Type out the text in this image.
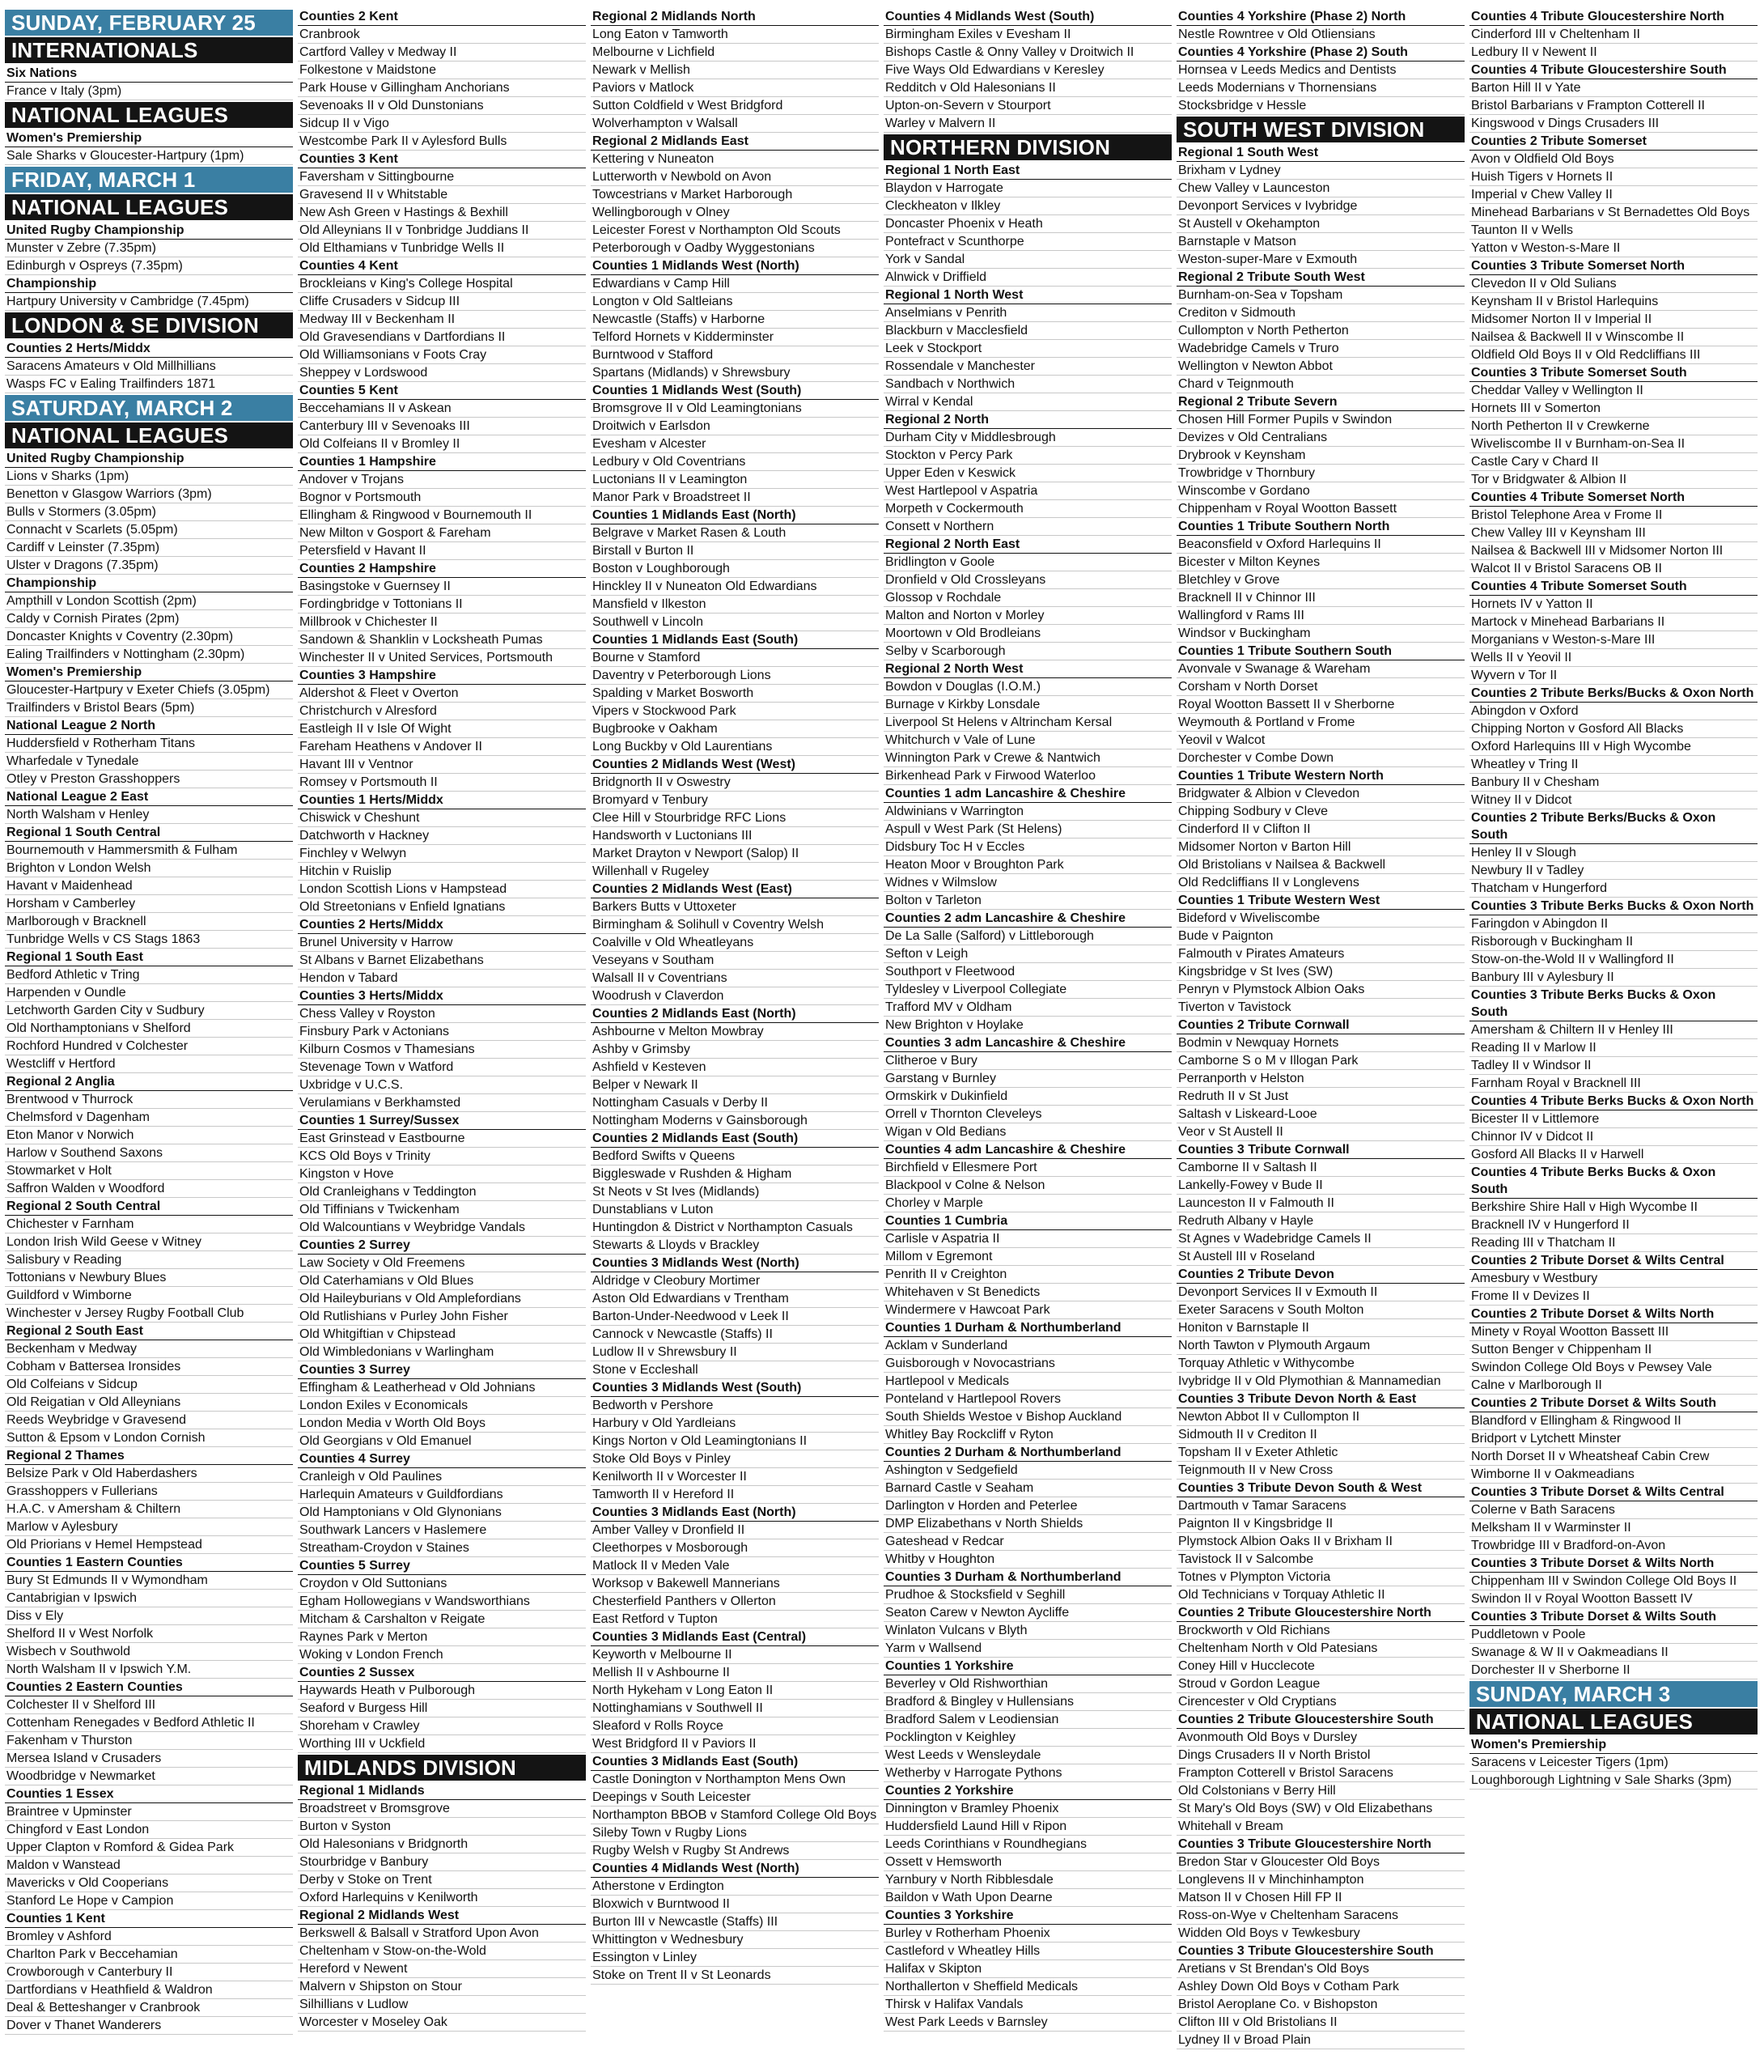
SUNDAY, FEBRUARY 25
INTERNATIONALS
Six Nations
France v Italy (3pm)
NATIONAL LEAGUES
Women's Premiership
Sale Sharks v Gloucester-Hartpury (1pm)
FRIDAY, MARCH 1
NATIONAL LEAGUES
United Rugby Championship
Munster v Zebre (7.35pm)
Edinburgh v Ospreys (7.35pm)
Championship
Hartpury University v Cambridge (7.45pm)
LONDON & SE DIVISION
Counties 2 Herts/Middx
Saracens Amateurs v Old Millhillians
Wasps FC v Ealing Trailfinders 1871
SATURDAY, MARCH 2
NATIONAL LEAGUES
United Rugby Championship
Lions v Sharks (1pm)
Benetton v Glasgow Warriors (3pm)
Bulls v Stormers (3.05pm)
Connacht v Scarlets (5.05pm)
Cardiff v Leinster (7.35pm)
Ulster v Dragons (7.35pm)
Championship
Ampthill v London Scottish (2pm)
Caldy v Cornish Pirates (2pm)
Doncaster Knights v Coventry (2.30pm)
Ealing Trailfinders v Nottingham (2.30pm)
Women's Premiership
Gloucester-Hartpury v Exeter Chiefs (3.05pm)
Trailfinders v Bristol Bears (5pm)
National League 2 North
Huddersfield v Rotherham Titans
Wharfedale v Tynedale
Otley v Preston Grasshoppers
National League 2 East
North Walsham v Henley
Regional 1 South Central
Bournemouth v Hammersmith & Fulham
Brighton v London Welsh
Havant v Maidenhead
Horsham v Camberley
Marlborough v Bracknell
Tunbridge Wells v CS Stags 1863
Regional 1 South East
Bedford Athletic v Tring
Harpenden v Oundle
Letchworth Garden City v Sudbury
Old Northamptonians v Shelford
Rochford Hundred v Colchester
Westcliff v Hertford
Regional 2 Anglia
Brentwood v Thurrock
Chelmsford v Dagenham
Eton Manor v Norwich
Harlow v Southend Saxons
Stowmarket v Holt
Saffron Walden v Woodford
Regional 2 South Central
Chichester v Farnham
London Irish Wild Geese v Witney
Salisbury v Reading
Tottonians v Newbury Blues
Guildford v Wimborne
Winchester v Jersey Rugby Football Club
Regional 2 South East
Beckenham v Medway
Cobham v Battersea Ironsides
Old Colfeians v Sidcup
Old Reigatian v Old Alleynians
Reeds Weybridge v Gravesend
Sutton & Epsom v London Cornish
Regional 2 Thames
Belsize Park v Old Haberdashers
Grasshoppers v Fullerians
H.A.C. v Amersham & Chiltern
Marlow v Aylesbury
Old Priorians v Hemel Hempstead
Counties 1 Eastern Counties
Bury St Edmunds II v Wymondham
Cantabrigian v Ipswich
Diss v Ely
Shelford II v West Norfolk
Wisbech v Southwold
North Walsham II v Ipswich Y.M.
Counties 2 Eastern Counties
Colchester II v Shelford III
Cottenham Renegades v Bedford Athletic II
Fakenham v Thurston
Mersea Island v Crusaders
Woodbridge v Newmarket
Counties 1 Essex
Braintree v Upminster
Chingford v East London
Upper Clapton v Romford & Gidea Park
Maldon v Wanstead
Mavericks v Old Cooperians
Stanford Le Hope v Campion
Counties 1 Kent
Bromley v Ashford
Charlton Park v Beccehamian
Crowborough v Canterbury II
Dartfordians v Heathfield & Waldron
Deal & Betteshanger v Cranbrook
Dover v Thanet Wanderers
Counties 2 Kent
Cranbrook
Cartford Valley v Medway II
Folkestone v Maidstone
Park House v Gillingham Anchorians
Sevenoaks II v Old Dunstonians
Sidcup II v Vigo
Westcombe Park II v Aylesford Bulls
Counties 3 Kent
Faversham v Sittingbourne
Gravesend II v Whitstable
New Ash Green v Hastings & Bexhill
Old Alleynians II v Tonbridge Juddians II
Old Elthamians v Tunbridge Wells II
Counties 4 Kent
Brockleians v King's College Hospital
Cliffe Crusaders v Sidcup III
Medway III v Beckenham II
Old Gravesendians v Dartfordians II
Old Williamsonians v Foots Cray
Sheppey v Lordswood
Counties 5 Kent
Beccehamians II v Askean
Canterbury III v Sevenoaks III
Old Colfeians II v Bromley II
Counties 1 Hampshire
Andover v Trojans
Bognor v Portsmouth
Ellingham & Ringwood v Bournemouth II
New Milton v Gosport & Fareham
Petersfield v Havant II
Counties 2 Hampshire
Basingstoke v Guernsey II
Fordingbridge v Tottonians II
Millbrook v Chichester II
Sandown & Shanklin v Locksheath Pumas
Winchester II v United Services, Portsmouth
Counties 3 Hampshire
Aldershot & Fleet v Overton
Christchurch v Alresford
Eastleigh II v Isle Of Wight
Fareham Heathens v Andover II
Havant III v Ventnor
Romsey v Portsmouth II
Counties 1 Herts/Middx
Chiswick v Cheshunt
Datchworth v Hackney
Finchley v Welwyn
Hitchin v Ruislip
London Scottish Lions v Hampstead
Old Streetonians v Enfield Ignatians
Counties 2 Herts/Middx
Brunel University v Harrow
St Albans v Barnet Elizabethans
Hendon v Tabard
Counties 3 Herts/Middx
Chess Valley v Royston
Finsbury Park v Actonians
Kilburn Cosmos v Thamesians
Stevenage Town v Watford
Uxbridge v U.C.S.
Verulamians v Berkhamsted
Counties 1 Surrey/Sussex
East Grinstead v Eastbourne
KCS Old Boys v Trinity
Kingston v Hove
Old Cranleighans v Teddington
Old Tiffinians v Twickenham
Old Walcountians v Weybridge Vandals
Counties 2 Surrey
Law Society v Old Freemens
Old Caterhamians v Old Blues
Old Haileyburians v Old Amplefordians
Old Rutlishians v Purley John Fisher
Old Whitgiftian v Chipstead
Old Wimbledonians v Warlingham
Counties 3 Surrey
Effingham & Leatherhead v Old Johnians
London Exiles v Economicals
London Media v Worth Old Boys
Old Georgians v Old Emanuel
Counties 4 Surrey
Cranleigh v Old Paulines
Harlequin Amateurs v Guildfordians
Old Hamptonians v Old Glynonians
Southwark Lancers v Haslemere
Streatham-Croydon v Staines
Counties 5 Surrey
Croydon v Old Suttonians
Egham Hollowegians v Wandsworthians
Mitcham & Carshalton v Reigate
Raynes Park v Merton
Woking v London French
Counties 2 Sussex
Haywards Heath v Pulborough
Seaford v Burgess Hill
Shoreham v Crawley
Worthing III v Uckfield
MIDLANDS DIVISION
Regional 1 Midlands
Broadstreet v Bromsgrove
Burton v Syston
Old Halesonians v Bridgnorth
Stourbridge v Banbury
Derby v Stoke on Trent
Oxford Harlequins v Kenilworth
Regional 2 Midlands West
Berkswell & Balsall v Stratford Upon Avon
Cheltenham v Stow-on-the-Wold
Hereford v Newent
Malvern v Shipston on Stour
Silhillians v Ludlow
Worcester v Moseley Oak
Regional 2 Midlands North
Long Eaton v Tamworth
Melbourne v Lichfield
Newark v Mellish
Paviors v Matlock
Sutton Coldfield v West Bridgford
Wolverhampton v Walsall
Regional 2 Midlands East
Kettering v Nuneaton
Lutterworth v Newbold on Avon
Towcestrians v Market Harborough
Wellingborough v Olney
Leicester Forest v Northampton Old Scouts
Peterborough v Oadby Wyggestonians
Counties 1 Midlands West (North)
Edwardians v Camp Hill
Longton v Old Saltleians
Newcastle (Staffs) v Harborne
Telford Hornets v Kidderminster
Burntwood v Stafford
Spartans (Midlands) v Shrewsbury
Counties 1 Midlands West (South)
Bromsgrove II v Old Leamingtonians
Droitwich v Earlsdon
Evesham v Alcester
Ledbury v Old Coventrians
Luctonians II v Leamington
Manor Park v Broadstreet II
Counties 1 Midlands East (North)
Belgrave v Market Rasen & Louth
Birstall v Burton II
Boston v Loughborough
Hinckley II v Nuneaton Old Edwardians
Mansfield v Ilkeston
Southwell v Lincoln
Counties 1 Midlands East (South)
Bourne v Stamford
Daventry v Peterborough Lions
Spalding v Market Bosworth
Vipers v Stockwood Park
Bugbrooke v Oakham
Long Buckby v Old Laurentians
Counties 2 Midlands West (West)
Bridgnorth II v Oswestry
Bromyard v Tenbury
Clee Hill v Stourbridge RFC Lions
Handsworth v Luctonians III
Market Drayton v Newport (Salop) II
Willenhall v Rugeley
Counties 2 Midlands West (East)
Barkers Butts v Uttoxeter
Birmingham & Solihull v Coventry Welsh
Coalville v Old Wheatleyans
Veseyans v Southam
Walsall II v Coventrians
Woodrush v Claverdon
Counties 2 Midlands East (North)
Ashbourne v Melton Mowbray
Ashby v Grimsby
Ashfield v Kesteven
Belper v Newark II
Nottingham Casuals v Derby II
Nottingham Moderns v Gainsborough
Counties 2 Midlands East (South)
Bedford Swifts v Queens
Biggleswade v Rushden & Higham
St Neots v St Ives (Midlands)
Dunstablians v Luton
Huntingdon & District v Northampton Casuals
Stewarts & Lloyds v Brackley
Counties 3 Midlands West (North)
Aldridge v Cleobury Mortimer
Aston Old Edwardians v Trentham
Barton-Under-Needwood v Leek II
Cannock v Newcastle (Staffs) II
Ludlow II v Shrewsbury II
Stone v Eccleshall
Counties 3 Midlands West (South)
Bedworth v Pershore
Harbury v Old Yardleians
Kings Norton v Old Leamingtonians II
Stoke Old Boys v Pinley
Kenilworth II v Worcester II
Tamworth II v Hereford II
Counties 3 Midlands East (North)
Amber Valley v Dronfield II
Cleethorpes v Mosborough
Matlock II v Meden Vale
Worksop v Bakewell Mannerians
Chesterfield Panthers v Ollerton
East Retford v Tupton
Counties 3 Midlands East (Central)
Keyworth v Melbourne II
Mellish II v Ashbourne II
North Hykeham v Long Eaton II
Nottinghamians v Southwell II
Sleaford v Rolls Royce
West Bridgford II v Paviors II
Counties 3 Midlands East (South)
Castle Donington v Northampton Mens Own
Deepings v South Leicester
Northampton BBOB v Stamford College Old Boys
Sileby Town v Rugby Lions
Rugby Welsh v Rugby St Andrews
Counties 4 Midlands West (North)
Atherstone v Erdington
Bloxwich v Burntwood II
Burton III v Newcastle (Staffs) III
Whittington v Wednesbury
Essington v Linley
Stoke on Trent II v St Leonards
Counties 4 Midlands West (South)
Birmingham Exiles v Evesham II
Bishops Castle & Onny Valley v Droitwich II
Five Ways Old Edwardians v Keresley
Redditch v Old Halesonians II
Upton-on-Severn v Stourport
Warley v Malvern II
NORTHERN DIVISION
Regional 1 North East
Blaydon v Harrogate
Cleckheaton v Ilkley
Doncaster Phoenix v Heath
Pontefract v Scunthorpe
York v Sandal
Alnwick v Driffield
Regional 1 North West
Anselmians v Penrith
Blackburn v Macclesfield
Leek v Stockport
Rossendale v Manchester
Sandbach v Northwich
Wirral v Kendal
Regional 2 North
Durham City v Middlesbrough
Stockton v Percy Park
Upper Eden v Keswick
West Hartlepool v Aspatria
Morpeth v Cockermouth
Consett v Northern
Regional 2 North East
Bridlington v Goole
Dronfield v Old Crossleyans
Glossop v Rochdale
Malton and Norton v Morley
Moortown v Old Brodleians
Selby v Scarborough
Regional 2 North West
Bowdon v Douglas (I.O.M.)
Burnage v Kirkby Lonsdale
Liverpool St Helens v Altrincham Kersal
Whitchurch v Vale of Lune
Winnington Park v Crewe & Nantwich
Birkenhead Park v Firwood Waterloo
Counties 1 adm Lancashire & Cheshire
Aldwinians v Warrington
Aspull v West Park (St Helens)
Didsbury Toc H v Eccles
Heaton Moor v Broughton Park
Widnes v Wilmslow
Bolton v Tarleton
Counties 2 adm Lancashire & Cheshire
De La Salle (Salford) v Littleborough
Sefton v Leigh
Southport v Fleetwood
Tyldesley v Liverpool Collegiate
Trafford MV v Oldham
New Brighton v Hoylake
Counties 3 adm Lancashire & Cheshire
Clitheroe v Bury
Garstang v Burnley
Ormskirk v Dukinfield
Orrell v Thornton Cleveleys
Wigan v Old Bedians
Counties 4 adm Lancashire & Cheshire
Birchfield v Ellesmere Port
Blackpool v Colne & Nelson
Chorley v Marple
Counties 1 Cumbria
Carlisle v Aspatria II
Millom v Egremont
Penrith II v Creighton
Whitehaven v St Benedicts
Windermere v Hawcoat Park
Counties 1 Durham & Northumberland
Acklam v Sunderland
Guisborough v Novocastrians
Hartlepool v Medicals
Ponteland v Hartlepool Rovers
South Shields Westoe v Bishop Auckland
Whitley Bay Rockcliff v Ryton
Counties 2 Durham & Northumberland
Ashington v Sedgefield
Barnard Castle v Seaham
Darlington v Horden and Peterlee
DMP Elizabethans v North Shields
Gateshead v Redcar
Whitby v Houghton
Counties 3 Durham & Northumberland
Prudhoe & Stocksfield v Seghill
Seaton Carew v Newton Aycliffe
Winlaton Vulcans v Blyth
Yarm v Wallsend
Counties 1 Yorkshire
Beverley v Old Rishworthian
Bradford & Bingley v Hullensians
Bradford Salem v Leodiensian
Pocklington v Keighley
West Leeds v Wensleydale
Wetherby v Harrogate Pythons
Counties 2 Yorkshire
Dinnington v Bramley Phoenix
Huddersfield Laund Hill v Ripon
Leeds Corinthians v Roundhegians
Ossett v Hemsworth
Yarnbury v North Ribblesdale
Baildon v Wath Upon Dearne
Counties 3 Yorkshire
Burley v Rotherham Phoenix
Castleford v Wheatley Hills
Halifax v Skipton
Northallerton v Sheffield Medicals
Thirsk v Halifax Vandals
West Park Leeds v Barnsley
Counties 4 Yorkshire (Phase 2) North
Nestle Rowntree v Old Otliensians
Counties 4 Yorkshire (Phase 2) South
Hornsea v Leeds Medics and Dentists
Leeds Modernians v Thornensians
Stocksbridge v Hessle
SOUTH WEST DIVISION
Regional 1 South West
Brixham v Lydney
Chew Valley v Launceston
Devonport Services v Ivybridge
St Austell v Okehampton
Barnstaple v Matson
Weston-super-Mare v Exmouth
Regional 2 Tribute South West
Burnham-on-Sea v Topsham
Crediton v Sidmouth
Cullompton v North Petherton
Wadebridge Camels v Truro
Wellington v Newton Abbot
Chard v Teignmouth
Regional 2 Tribute Severn
Chosen Hill Former Pupils v Swindon
Devizes v Old Centralians
Drybrook v Keynsham
Trowbridge v Thornbury
Winscombe v Gordano
Chippenham v Royal Wootton Bassett
Counties 1 Tribute Southern North
Beaconsfield v Oxford Harlequins II
Bicester v Milton Keynes
Bletchley v Grove
Bracknell II v Chinnor III
Wallingford v Rams III
Windsor v Buckingham
Counties 1 Tribute Southern South
Avonvale v Swanage & Wareham
Corsham v North Dorset
Royal Wootton Bassett II v Sherborne
Weymouth & Portland v Frome
Yeovil v Walcot
Dorchester v Combe Down
Counties 1 Tribute Western North
Bridgwater & Albion v Clevedon
Chipping Sodbury v Cleve
Cinderford II v Clifton II
Midsomer Norton v Barton Hill
Old Bristolians v Nailsea & Backwell
Old Redcliffians II v Longlevens
Counties 1 Tribute Western West
Bideford v Wiveliscombe
Bude v Paignton
Falmouth v Pirates Amateurs
Kingsbridge v St Ives (SW)
Penryn v Plymstock Albion Oaks
Tiverton v Tavistock
Counties 2 Tribute Cornwall
Bodmin v Newquay Hornets
Camborne S o M v Illogan Park
Perranporth v Helston
Redruth II v St Just
Saltash v Liskeard-Looe
Veor v St Austell II
Counties 3 Tribute Cornwall
Camborne II v Saltash II
Lankelly-Fowey v Bude II
Launceston II v Falmouth II
Redruth Albany v Hayle
St Agnes v Wadebridge Camels II
St Austell III v Roseland
Counties 2 Tribute Devon
Devonport Services II v Exmouth II
Exeter Saracens v South Molton
Honiton v Barnstaple II
North Tawton v Plymouth Argaum
Torquay Athletic v Withycombe
Ivybridge II v Old Plymothian & Mannamedian
Counties 3 Tribute Devon North & East
Newton Abbot II v Cullompton II
Sidmouth II v Crediton II
Topsham II v Exeter Athletic
Teignmouth II v New Cross
Counties 3 Tribute Devon South & West
Dartmouth v Tamar Saracens
Paignton II v Kingsbridge II
Plymstock Albion Oaks II v Brixham II
Tavistock II v Salcombe
Totnes v Plympton Victoria
Old Technicians v Torquay Athletic II
Counties 2 Tribute Gloucestershire North
Brockworth v Old Richians
Cheltenham North v Old Patesians
Coney Hill v Hucclecote
Stroud v Gordon League
Cirencester v Old Cryptians
Counties 2 Tribute Gloucestershire South
Avonmouth Old Boys v Dursley
Dings Crusaders II v North Bristol
Frampton Cotterell v Bristol Saracens
Old Colstonians v Berry Hill
St Mary's Old Boys (SW) v Old Elizabethans
Whitehall v Bream
Counties 3 Tribute Gloucestershire North
Bredon Star v Gloucester Old Boys
Longlevens II v Minchinhampton
Matson II v Chosen Hill FP II
Ross-on-Wye v Cheltenham Saracens
Widden Old Boys v Tewkesbury
Counties 3 Tribute Gloucestershire South
Aretians v St Brendan's Old Boys
Ashley Down Old Boys v Cotham Park
Bristol Aeroplane Co. v Bishopston
Clifton III v Old Bristolians II
Lydney II v Broad Plain
Counties 4 Tribute Gloucestershire North
Cinderford III v Cheltenham II
Ledbury II v Newent II
Counties 4 Tribute Gloucestershire South
Barton Hill II v Yate
Bristol Barbarians v Frampton Cotterell II
Kingswood v Dings Crusaders III
Counties 2 Tribute Somerset
Avon v Oldfield Old Boys
Huish Tigers v Hornets II
Imperial v Chew Valley II
Minehead Barbarians v St Bernadettes Old Boys
Taunton II v Wells
Yatton v Weston-s-Mare II
Counties 3 Tribute Somerset North
Clevedon II v Old Sulians
Keynsham II v Bristol Harlequins
Midsomer Norton II v Imperial II
Nailsea & Backwell II v Winscombe II
Oldfield Old Boys II v Old Redcliffians III
Counties 3 Tribute Somerset South
Cheddar Valley v Wellington II
Hornets III v Somerton
North Petherton II v Crewkerne
Wiveliscombe II v Burnham-on-Sea II
Castle Cary v Chard II
Tor v Bridgwater & Albion II
Counties 4 Tribute Somerset North
Bristol Telephone Area v Frome II
Chew Valley III v Keynsham III
Nailsea & Backwell III v Midsomer Norton III
Walcot II v Bristol Saracens OB II
Counties 4 Tribute Somerset South
Hornets IV v Yatton II
Martock v Minehead Barbarians II
Morganians v Weston-s-Mare III
Wells II v Yeovil II
Wyvern v Tor II
Counties 2 Tribute Berks/Bucks & Oxon North
Abingdon v Oxford
Chipping Norton v Gosford All Blacks
Oxford Harlequins III v High Wycombe
Wheatley v Tring II
Banbury II v Chesham
Witney II v Didcot
Counties 2 Tribute Berks/Bucks & Oxon South
Henley II v Slough
Newbury II v Tadley
Thatcham v Hungerford
Counties 3 Tribute Berks Bucks & Oxon North
Faringdon v Abingdon II
Risborough v Buckingham II
Stow-on-the-Wold II v Wallingford II
Banbury III v Aylesbury II
Counties 3 Tribute Berks Bucks & Oxon South
Amersham & Chiltern II v Henley III
Reading II v Marlow II
Tadley II v Windsor II
Farnham Royal v Bracknell III
Counties 4 Tribute Berks Bucks & Oxon North
Bicester II v Littlemore
Chinnor IV v Didcot II
Gosford All Blacks II v Harwell
Counties 4 Tribute Berks Bucks & Oxon South
Berkshire Shire Hall v High Wycombe II
Bracknell IV v Hungerford II
Reading III v Thatcham II
Counties 2 Tribute Dorset & Wilts Central
Amesbury v Westbury
Frome II v Devizes II
Counties 2 Tribute Dorset & Wilts North
Minety v Royal Wootton Bassett III
Sutton Benger v Chippenham II
Swindon College Old Boys v Pewsey Vale
Calne v Marlborough II
Counties 2 Tribute Dorset & Wilts South
Blandford v Ellingham & Ringwood II
Bridport v Lytchett Minster
North Dorset II v Wheatsheaf Cabin Crew
Wimborne II v Oakmeadians
Counties 3 Tribute Dorset & Wilts Central
Colerne v Bath Saracens
Melksham II v Warminster II
Trowbridge III v Bradford-on-Avon
Counties 3 Tribute Dorset & Wilts North
Chippenham III v Swindon College Old Boys II
Swindon II v Royal Wootton Bassett IV
Counties 3 Tribute Dorset & Wilts South
Puddletown v Poole
Swanage & W II v Oakmeadians II
Dorchester II v Sherborne II
SUNDAY, MARCH 3
NATIONAL LEAGUES
Women's Premiership
Saracens v Leicester Tigers (1pm)
Loughborough Lightning v Sale Sharks (3pm)
